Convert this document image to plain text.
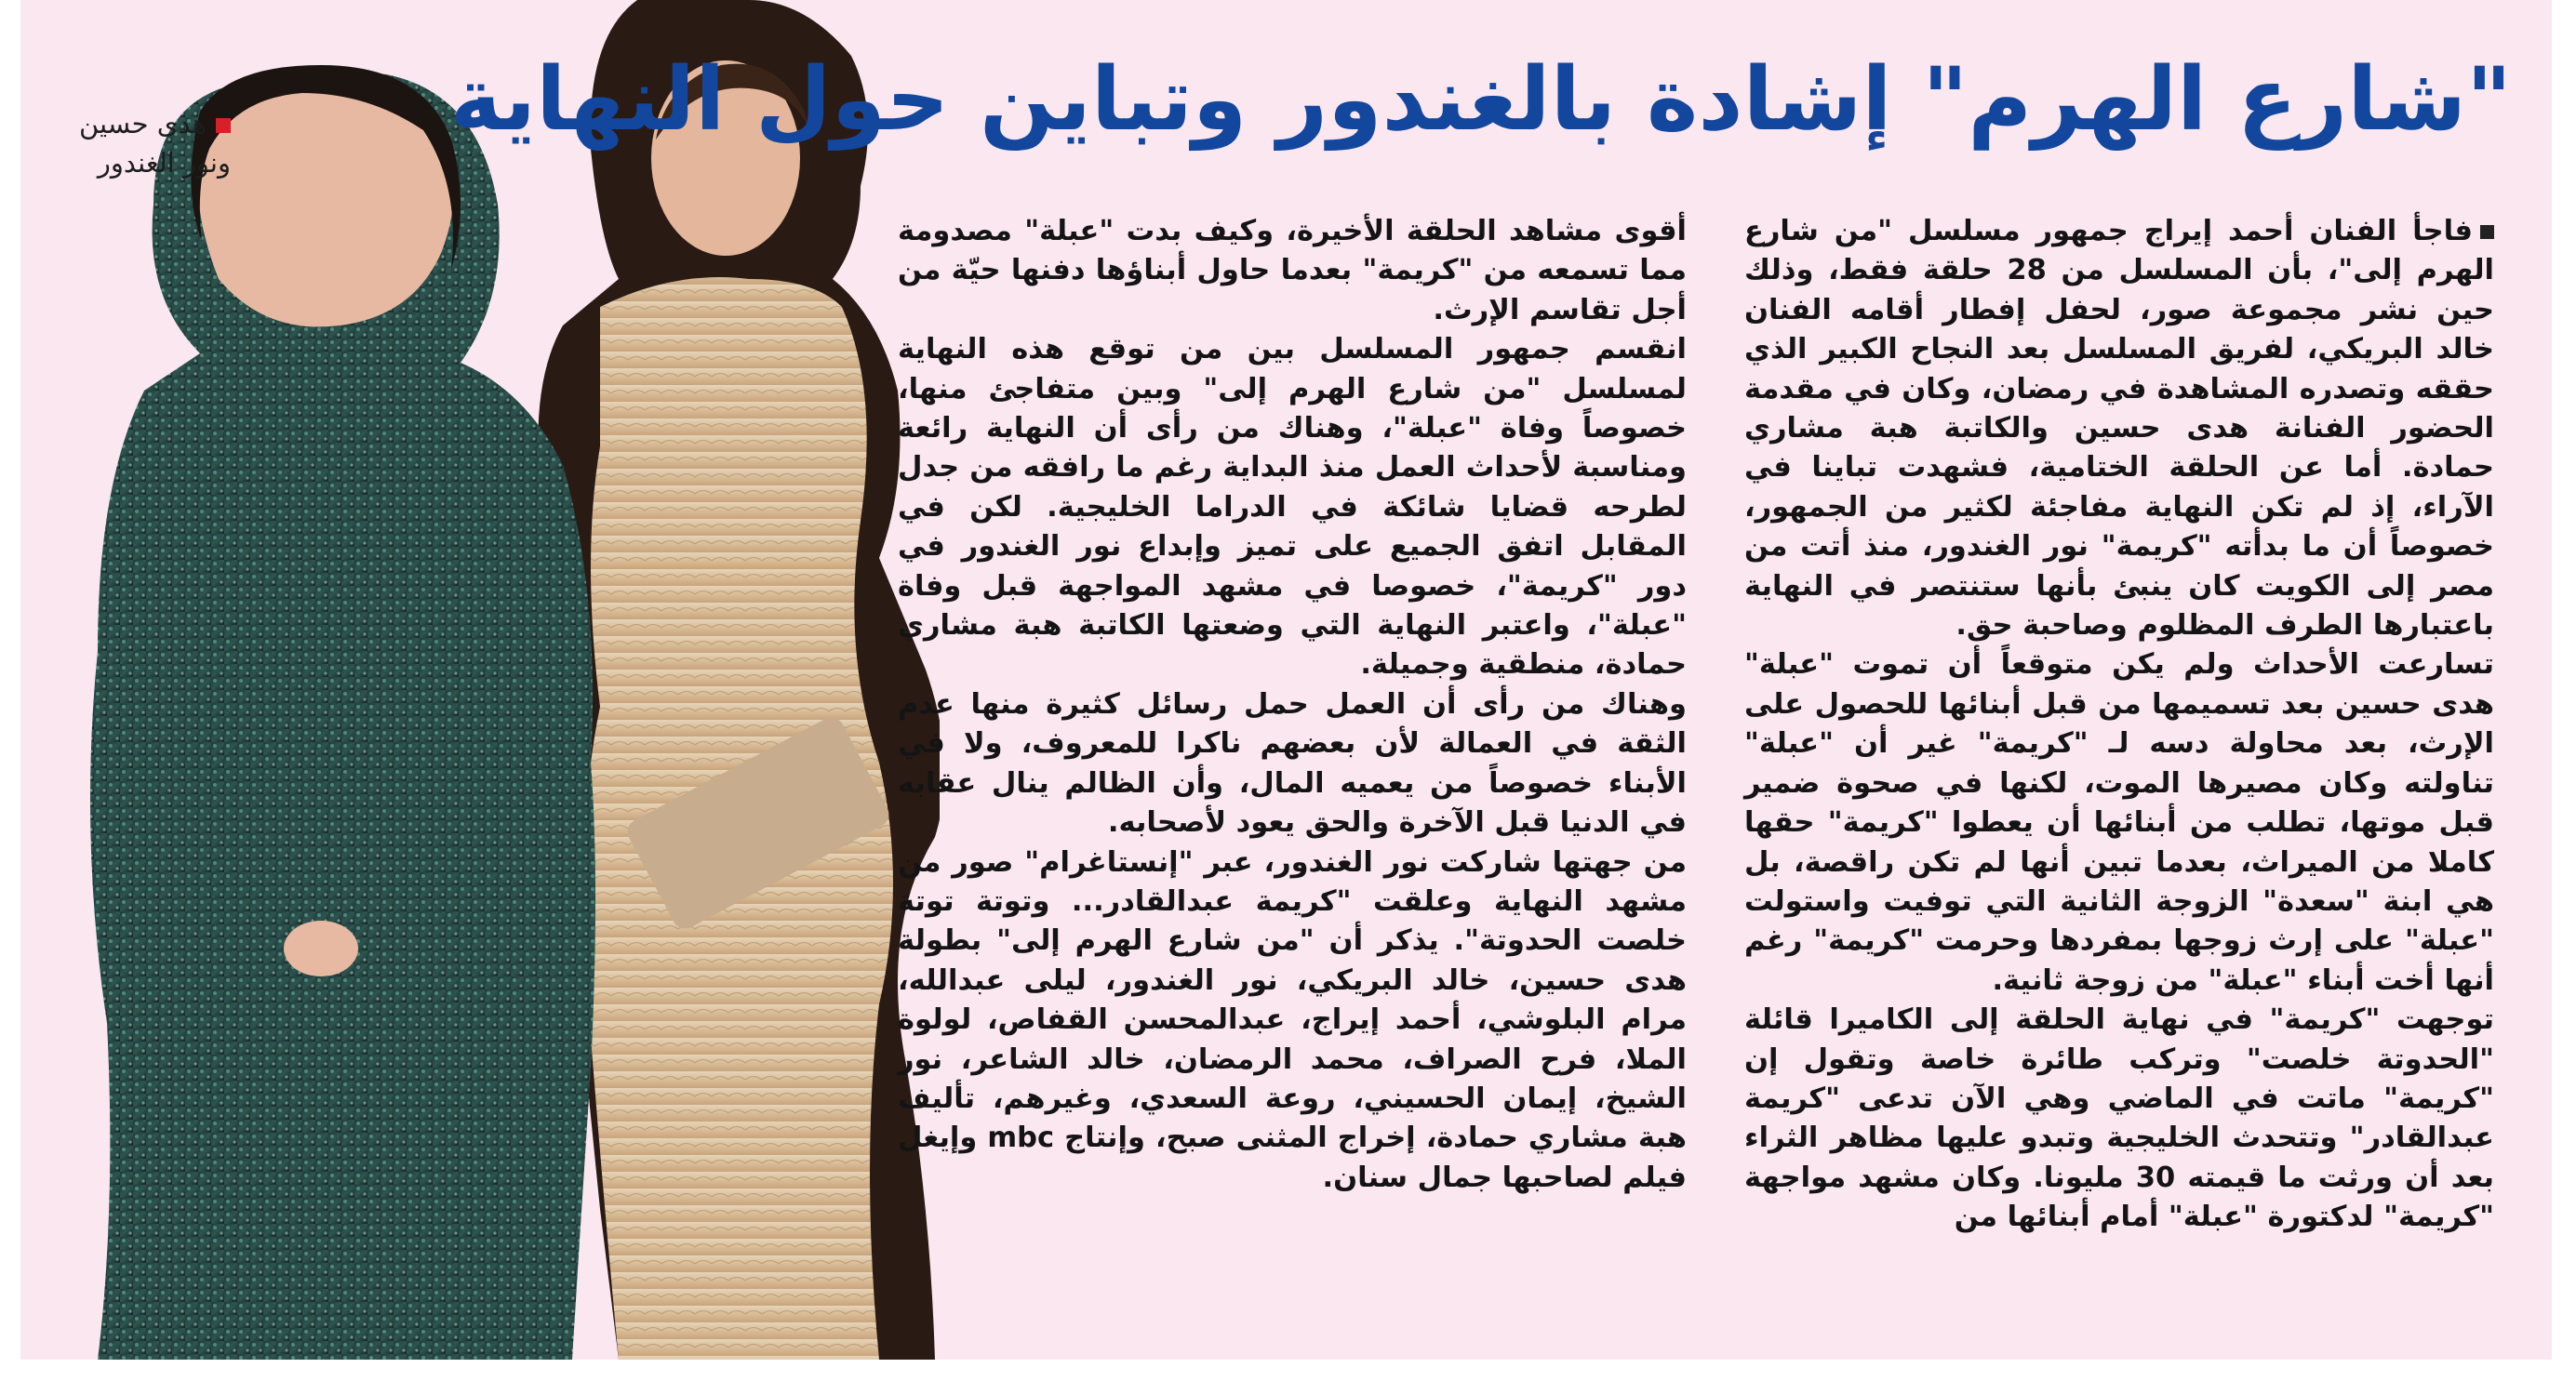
هدى حسين
ونور الغندور
"شارع الهرم" إشادة بالغندور وتباين حول النهاية

فاجأ الفنان أحمد إيراج جمهور مسلسل "من شارع الهرم إلى"، بأن المسلسل من 28 حلقة فقط، وذلك حين نشر مجموعة صور، لحفل إفطار أقامه الفنان خالد البريكي، لفريق المسلسل بعد النجاح الكبير الذي حققه وتصدره المشاهدة في رمضان، وكان في مقدمة الحضور الفنانة هدى حسين والكاتبة هبة مشاري حمادة. أما عن الحلقة الختامية، فشهدت تباينا في الآراء، إذ لم تكن النهاية مفاجئة لكثير من الجمهور، خصوصاً أن ما بدأته "كريمة" نور الغندور، منذ أتت من مصر إلى الكويت كان ينبئ بأنها ستنتصر في النهاية باعتبارها الطرف المظلوم وصاحبة حق.

تسارعت الأحداث ولم يكن متوقعاً أن تموت "عبلة" هدى حسين بعد تسميمها من قبل أبنائها للحصول على الإرث، بعد محاولة دسه لـ "كريمة" غير أن "عبلة" تناولته وكان مصيرها الموت، لكنها في صحوة ضمير قبل موتها، تطلب من أبنائها أن يعطوا "كريمة" حقها كاملا من الميراث، بعدما تبين أنها لم تكن راقصة، بل هي ابنة "سعدة" الزوجة الثانية التي توفيت واستولت "عبلة" على إرث زوجها بمفردها وحرمت "كريمة" رغم أنها أخت أبناء "عبلة" من زوجة ثانية.

توجهت "كريمة" في نهاية الحلقة إلى الكاميرا قائلة "الحدوتة خلصت" وتركب طائرة خاصة وتقول إن "كريمة" ماتت في الماضي وهي الآن تدعى "كريمة عبدالقادر" وتتحدث الخليجية وتبدو عليها مظاهر الثراء بعد أن ورثت ما قيمته 30 مليونا. وكان مشهد مواجهة "كريمة" لدكتورة "عبلة" أمام أبنائها من

أقوى مشاهد الحلقة الأخيرة، وكيف بدت "عبلة" مصدومة مما تسمعه من "كريمة" بعدما حاول أبناؤها دفنها حيّة من أجل تقاسم الإرث.

انقسم جمهور المسلسل بين من توقع هذه النهاية لمسلسل "من شارع الهرم إلى" وبين متفاجئ منها، خصوصاً وفاة "عبلة"، وهناك من رأى أن النهاية رائعة ومناسبة لأحداث العمل منذ البداية رغم ما رافقه من جدل لطرحه قضايا شائكة في الدراما الخليجية. لكن في المقابل اتفق الجميع على تميز وإبداع نور الغندور في دور "كريمة"، خصوصا في مشهد المواجهة قبل وفاة "عبلة"، واعتبر النهاية التي وضعتها الكاتبة هبة مشاري حمادة، منطقية وجميلة.

وهناك من رأى أن العمل حمل رسائل كثيرة منها عدم الثقة في العمالة لأن بعضهم ناكرا للمعروف، ولا في الأبناء خصوصاً من يعميه المال، وأن الظالم ينال عقابه في الدنيا قبل الآخرة والحق يعود لأصحابه.

من جهتها شاركت نور الغندور، عبر "إنستاغرام" صور من مشهد النهاية وعلقت "كريمة عبدالقادر... وتوتة توتة خلصت الحدوتة". يذكر أن "من شارع الهرم إلى" بطولة هدى حسين، خالد البريكي، نور الغندور، ليلى عبدالله، مرام البلوشي، أحمد إيراج، عبدالمحسن القفاص، لولوة الملا، فرح الصراف، محمد الرمضان، خالد الشاعر، نور الشيخ، إيمان الحسيني، روعة السعدي، وغيرهم، تأليف هبة مشاري حمادة، إخراج المثنى صبح، وإنتاج mbc وإيغل فيلم لصاحبها جمال سنان.
